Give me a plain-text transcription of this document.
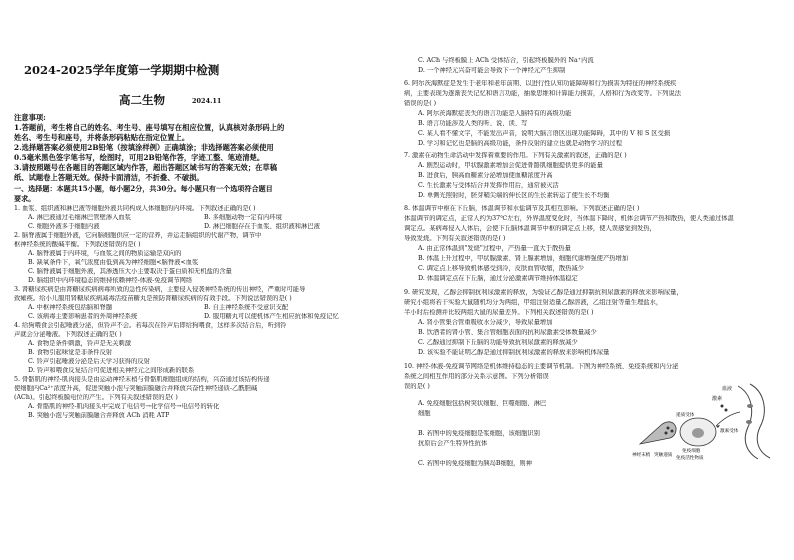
2024-2025学年度第一学期期中检测
高二生物	2024.11
注意事项:
1.答题前，考生将自己的姓名、考生号、座号填写在相应位置，认真核对条形码上的
姓名、考生号和座号，并将条形码粘贴在指定位置上。
2.选择题答案必须使用2B铅笔（按填涂样例）正确填涂；非选择题答案必须使用
0.5毫米黑色签字笔书写，绘图时，可用2B铅笔作答，字迹工整、笔迹清楚。
3.请按照题号在各题目的答题区域内作答，超出答题区域书写的答案无效；在草稿
纸、试题卷上答题无效。保持卡面清洁，不折叠、不破损。
一、选择题：本题共15小题，每小题2分，共30分。每小题只有一个选项符合题目
要求。
1. 血浆、组织液和淋巴液等细胞外液共同构成人体细胞的内环境。下列叙述正确的是( )
A. 淋巴液通过毛细淋巴管壁渗入血浆	B. 多细胞动物一定有内环境
C. 细胞外液多于细胞内液	D. 淋巴细胞存在于血浆、组织液和淋巴液
2. 脑脊液属于细胞外液，它向脑细胞供应一定的营养，并运走脑组织的代谢产物，调节中
枢神经系统的酸碱平衡。下列叙述错误的是( )
A. 脑脊液属于内环境，与血浆之间的物质运输是双向的
B. 缺氧条件下，氧气浓度由低到高为神经细胞<脑脊液<血浆
C. 脑脊液属于细胞外液，其渗透压大小主要取决于蛋白质和无机盐的含量
D. 脑组织中内环境稳态的维持依赖神经-体液-免疫调节网络
3. 肾糖尿疾病是由肾糖尿疾病病毒所致的急性传染病，主要侵入侵袭神经系统的传出神经，严重时可能导
致瘫痪。给小儿服用肾糖尿疾病减毒活疫苗糖丸是预防肾糖尿疾病的有效手段。下列说法错误的是( )
A. 中枢神经系统包括脑和脊髓	B. 自主神经系统不受意识支配
C. 该病毒主要影响患者的外周神经系统	D. 服用糖丸可以使机体产生相应抗体和免疫记忆
4. 给狗喂食会引起唾液分泌，但铃声不会。若每次在铃声后即给狗喂食，这样多次结合后，听到铃
声就会分泌唾液。下列叙述正确的是( )
A. 食物是条件刺激，铃声是无关刺激
B. 食物引起味觉是非条件反射
C. 铃声引起唾液分泌是后天学习获得的反射
D. 铃声和喂食反复结合可促进相关神经元之间形成新的联系
5. 骨骼肌的神经-肌肉接头是由运动神经末梢与骨骼肌细胞组成的结构，兴奋通过该结构传递
使细胞内Ca²⁺浓度升高，促进突触小泡与突触前膜融合并释放兴奋性神经递质-乙酰胆碱
(ACh)。引起终板膜电位的产生。下列有关叙述错误的是( )
A. 骨骼肌的神经-肌肉接头中完成了电信号→化学信号→电信号的转化
B. 突触小泡与突触前膜融合并释放 ACh 消耗 ATP
C. ACh 与终板膜上 ACh 受体结合，引起终板膜外的 Na⁺内流
D. 一个神经元兴奋可能会导致下一个神经元产生抑制
6. 阿尔茨海默症是发生于老年和老年前期、以进行性认知功能障碍和行为损害为特征的神经系统疾
病，主要表现为逐渐丧失记忆和语言功能，抽象思维和计算能力损害，人格和行为改变等。下列说法
错误的是( )
A. 阿尔茨海默症丧失的语言功能是人脑特有的高级功能
B. 语言功能涉及人类的听、说、读、写
C. 某人看不懂文字，不能发出声音，说明大脑言语区出现功能障碍，其中的 V 和 S 区受损
D. 学习和记忆也是脑的高级功能，条件反射的建立也就是动物学习的过程
7. 激素在动物生命活动中发挥着重要的作用。下列有关激素的叙述，正确的是( )
A. 剧烈运动时，甲状腺激素增加会促进骨骼肌细胞提供更多的能量
B. 进食后，胰高血糖素分泌增加使血糖浓度升高
C. 生长激素与受体结合并发挥作用后，通常被灭活
D. 单侧光照射时，胚芽鞘尖端的伸长区的生长素转运了使生长不均衡
8. 体温调节中枢在下丘脑，体温调节和水盐调节及其相互影响。下列叙述正确的是( )
体温调节的调定点，正常人约为37℃左右，外界温度变化时，当体温下降时，机体会调节产热和散热，使人类通过体温
调定点。某病毒侵入人体后，会使下丘脑体温调节中枢的调定点上移，使人误感觉到发热，
导致发烧。下列有关叙述错误的是( )
A. 由正常体温到"发烧"过程中，产热量一直大于散热量
B. 体温上升过程中，甲状腺激素、肾上腺素增加，细胞代谢增强使产热增加
C. 调定点上移导致机体感受到冷，皮肤血管收缩，散热减少
D. 体温调定点在下丘脑，通过分泌激素调节维持体温稳定
9. 研究发现，乙醇会抑制抗利尿激素的释放，为验证乙醇是通过抑制抗利尿激素的释放来影响尿量，
研究小组将若干实验大鼠随机均分为两组，甲组注射适量乙醇溶液，乙组注射等量生理盐水，
半小时后检测并比较两组大鼠的尿量差异。下列相关叙述错误的是( )
A. 肾小管集合管重吸收水分减少，导致尿量增加
B. 饮酒者的肾小管、集合管细胞表面的抗利尿激素受体数量减少
C. 乙醇通过抑制下丘脑的功能导致抗利尿激素的释放减少
D. 该实验不能证明乙醇是通过抑制抗利尿激素的释放来影响机体尿量
10. 神经-体液-免疫调节网络是机体维持稳态的主要调节机制。下图为神经系统、免疫系统和内分泌
系统之间相互作用的部分关系示意图。下列分析错误
误的是( )
A. 免疫细胞包括树突状细胞、巨噬细胞、淋巴
细胞
B. 若图中的免疫细胞是浆细胞，该细胞识别
抗原后会产生特异性抗体
C. 若图中的免疫细胞为胰岛B细胞，则神
血液
激素
神经末梢 突触递质
递质受体
激素受体
免疫细胞
免疫活性物质
